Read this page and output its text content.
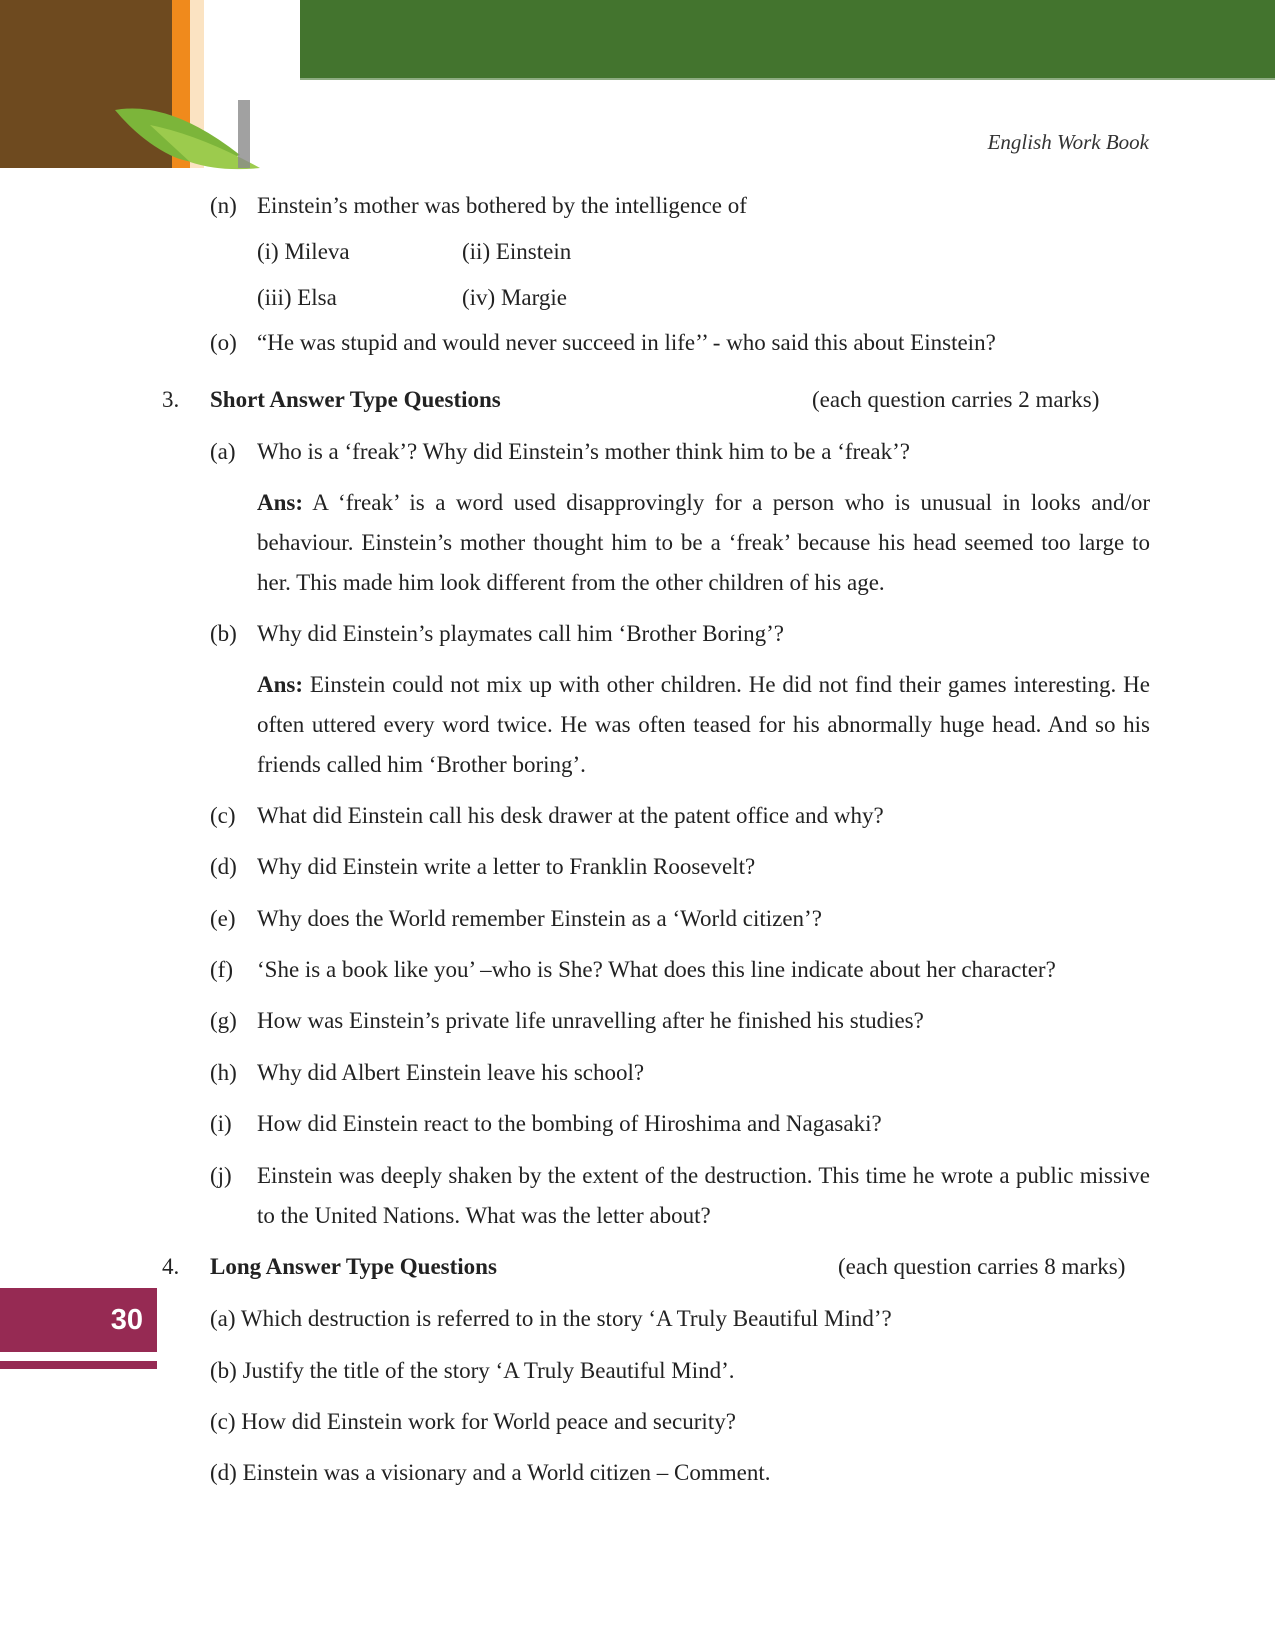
English Work Book
30
(n) Einstein’s mother was bothered by the intelligence of
(i) Mileva	(ii) Einstein
(iii) Elsa	(iv) Margie
(o) “He was stupid and would never succeed in life’’ - who said this about Einstein?
3. Short Answer Type Questions	(each question carries 2 marks)
(a) Who is a ‘freak’? Why did Einstein’s mother think him to be a ‘freak’?
Ans: A ‘freak’ is a word used disapprovingly for a person who is unusual in looks and/or behaviour. Einstein’s mother thought him to be a ‘freak’ because his head seemed too large to her. This made him look different from the other children of his age.
(b) Why did Einstein’s playmates call him ‘Brother Boring’?
Ans: Einstein could not mix up with other children. He did not find their games interesting. He often uttered every word twice. He was often teased for his abnormally huge head. And so his friends called him ‘Brother boring’.
(c) What did Einstein call his desk drawer at the patent office and why?
(d) Why did Einstein write a letter to Franklin Roosevelt?
(e) Why does the World remember Einstein as a ‘World citizen’?
(f) ‘She is a book like you’ –who is She? What does this line indicate about her character?
(g) How was Einstein’s private life unravelling after he finished his studies?
(h) Why did Albert Einstein leave his school?
(i) How did Einstein react to the bombing of Hiroshima and Nagasaki?
(j) Einstein was deeply shaken by the extent of the destruction. This time he wrote a public missive to the United Nations. What was the letter about?
4. Long Answer Type Questions	(each question carries 8 marks)
(a) Which destruction is referred to in the story ‘A Truly Beautiful Mind’?
(b) Justify the title of the story ‘A Truly Beautiful Mind’.
(c) How did Einstein work for World peace and security?
(d) Einstein was a visionary and a World citizen – Comment.
